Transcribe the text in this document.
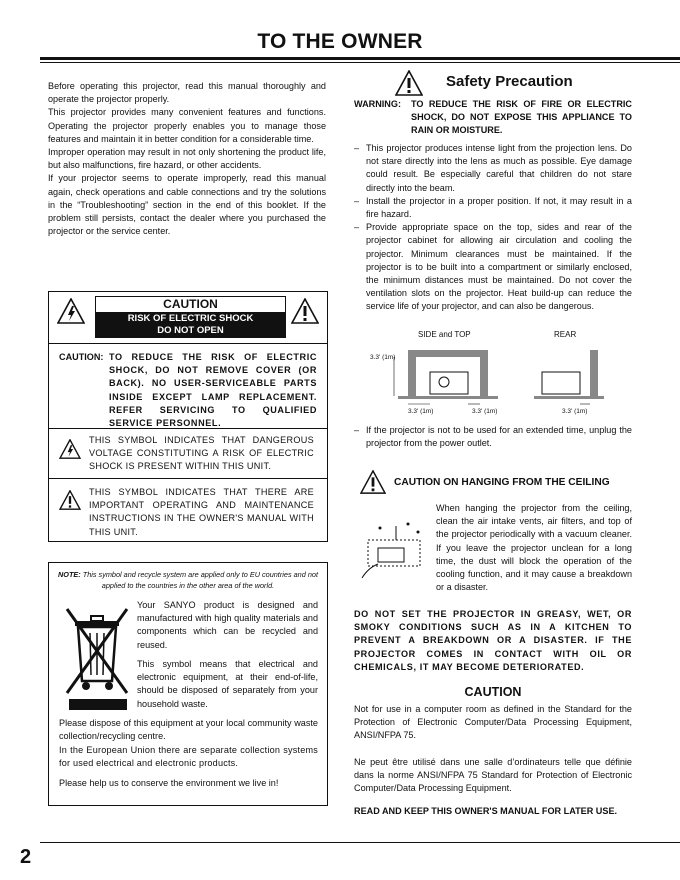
TO THE OWNER

Before operating this projector, read this manual thoroughly and operate the projector properly.

This projector provides many convenient features and functions. Operating the projector properly enables you to manage those features and maintain it in better condition for a considerable time.

Improper operation may result in not only shortening the product life, but also malfunctions, fire hazard, or other accidents.

If your projector seems to operate improperly, read this manual again, check operations and cable connections and try the solutions in the “Troubleshooting” section in the end of this booklet. If the problem still persists, contact the dealer where you purchased the projector or the service center.

CAUTION
RISK OF ELECTRIC SHOCK
DO NOT OPEN
CAUTION: TO REDUCE THE RISK OF ELECTRIC SHOCK, DO NOT REMOVE COVER (OR BACK). NO USER-SERVICEABLE PARTS INSIDE EXCEPT LAMP REPLACEMENT. REFER SERVICING TO QUALIFIED SERVICE PERSONNEL.
THIS SYMBOL INDICATES THAT DANGEROUS VOLTAGE CONSTITUTING A RISK OF ELECTRIC SHOCK IS PRESENT WITHIN THIS UNIT.
THIS SYMBOL INDICATES THAT THERE ARE IMPORTANT OPERATING AND MAINTENANCE INSTRUCTIONS IN THE OWNER'S MANUAL WITH THIS UNIT.
NOTE: This symbol and recycle system are applied only to EU countries and not applied to the countries in the other area of the world.
Your SANYO product is designed and manufactured with high quality materials and components which can be recycled and reused.
This symbol means that electrical and electronic equipment, at their end-of-life, should be disposed of separately from your household waste.
Please dispose of this equipment at your local community waste collection/recycling centre.
In the European Union there are separate collection systems for used electrical and electronic products.
Please help us to conserve the environment we live in!
Safety Precaution
WARNING:	TO REDUCE THE RISK OF FIRE OR ELECTRIC SHOCK, DO NOT EXPOSE THIS APPLIANCE TO RAIN OR MOISTURE.
– This projector produces intense light from the projection lens. Do not stare directly into the lens as much as possible. Eye damage could result. Be especially careful that children do not stare directly into the beam.
– Install the projector in a proper position. If not, it may result in a fire hazard.
– Provide appropriate space on the top, sides and rear of the projector cabinet for allowing air circulation and cooling the projector. Minimum clearances must be maintained. If the projector is to be built into a compartment or similarly enclosed, the minimum distances must be maintained. Do not cover the ventilation slots on the projector. Heat build-up can reduce the service life of your projector, and can also be dangerous.
SIDE and TOP	REAR
3.3' (1m)
3.3' (1m)	3.3' (1m)	3.3' (1m)
– If the projector is not to be used for an extended time, unplug the projector from the power outlet.
CAUTION ON HANGING FROM THE CEILING
When hanging the projector from the ceiling, clean the air intake vents, air filters, and top of the projector periodically with a vacuum cleaner. If you leave the projector unclean for a long time, the dust will block the operation of the cooling function, and it may cause a breakdown or a disaster.
DO NOT SET THE PROJECTOR IN GREASY, WET, OR SMOKY CONDITIONS SUCH AS IN A KITCHEN TO PREVENT A BREAKDOWN OR A DISASTER. IF THE PROJECTOR COMES IN CONTACT WITH OIL OR CHEMICALS, IT MAY BECOME DETERIORATED.
CAUTION
Not for use in a computer room as defined in the Standard for the Protection of Electronic Computer/Data Processing Equipment, ANSI/NFPA 75.
Ne peut être utilisé dans une salle d’ordinateurs telle que définie dans la norme ANSI/NFPA 75 Standard for Protection of Electronic Computer/Data Processing Equipment.
READ AND KEEP THIS OWNER'S MANUAL FOR LATER USE.
2
